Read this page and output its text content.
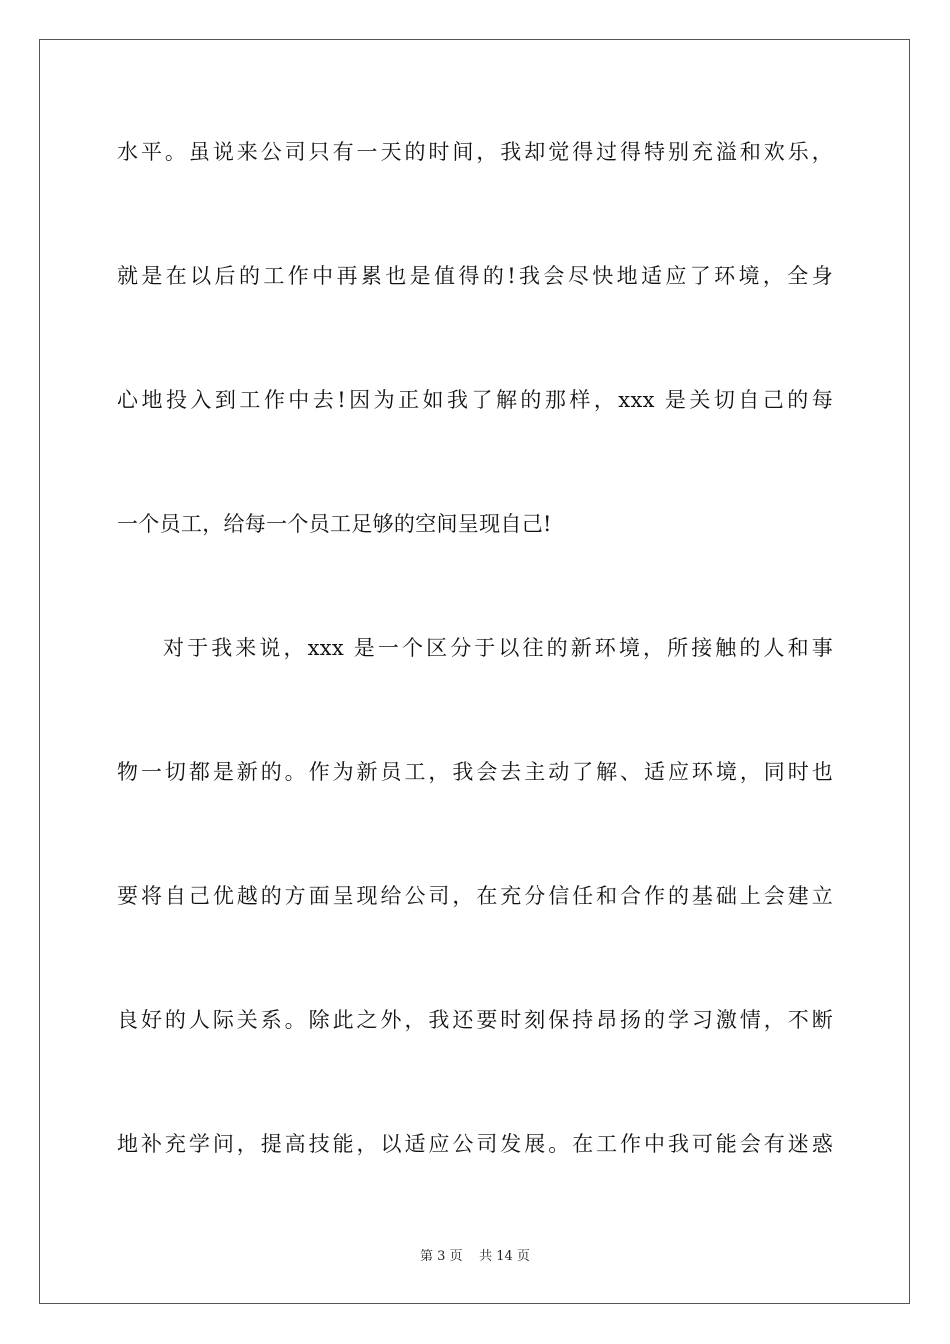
水平。虽说来公司只有一天的时间，我却觉得过得特别充溢和欢乐，
就是在以后的工作中再累也是值得的!我会尽快地适应了环境，全身
心地投入到工作中去!因为正如我了解的那样，xxx 是关切自己的每
一个员工，给每一个员工足够的空间呈现自己!
对于我来说，xxx 是一个区分于以往的新环境，所接触的人和事
物一切都是新的。作为新员工，我会去主动了解、适应环境，同时也
要将自己优越的方面呈现给公司，在充分信任和合作的基础上会建立
良好的人际关系。除此之外，我还要时刻保持昂扬的学习激情，不断
地补充学问，提高技能，以适应公司发展。在工作中我可能会有迷惑
第 3 页 共 14 页
